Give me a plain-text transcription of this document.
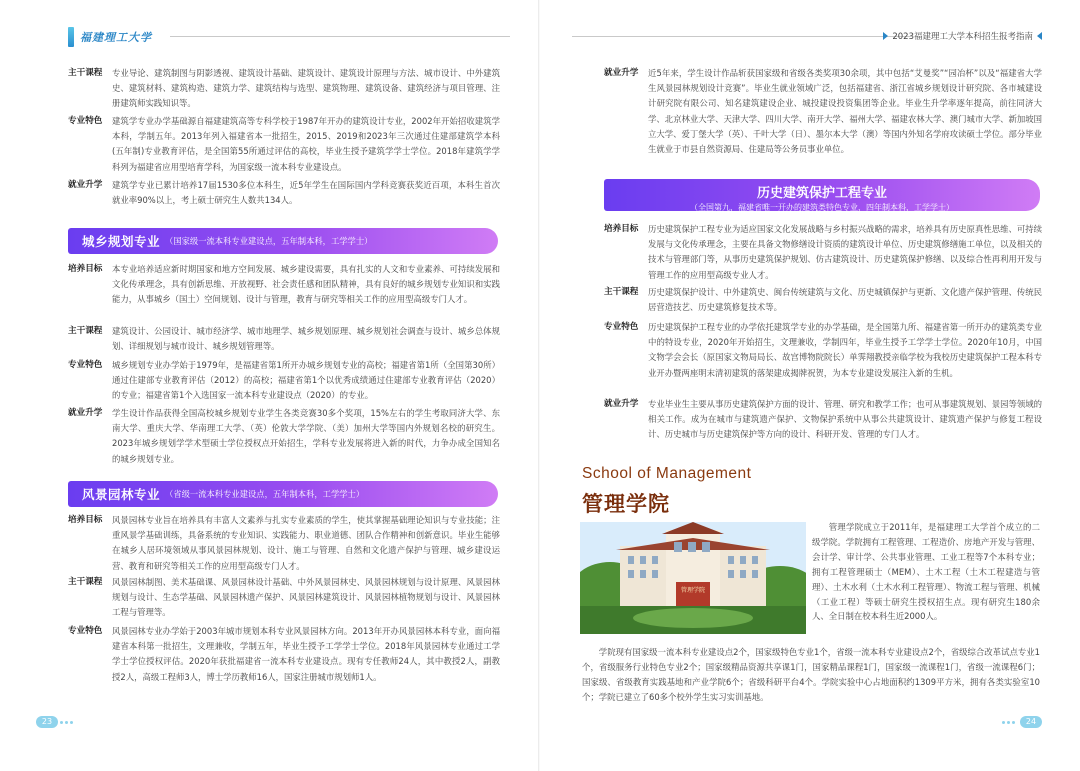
福建理工大学
主干课程	专业导论、建筑制图与阴影透视、建筑设计基础、建筑设计、建筑设计原理与方法、城市设计、中外建筑史、建筑材料、建筑构造、建筑力学、建筑结构与选型、建筑物理、建筑设备、建筑经济与项目管理、注册建筑师实践知识等。
专业特色	建筑学专业办学基础源自福建建筑高等专科学校于1987年开办的建筑设计专业，2002年开始招收建筑学本科，学制五年。2013年列入福建省本一批招生，2015、2019和2023年三次通过住建部建筑学本科(五年制)专业教育评估，是全国第55所通过评估的高校，毕业生授予建筑学学士学位。2018年建筑学学科列为福建省应用型培育学科，为国家级一流本科专业建设点。
就业升学	建筑学专业已累计培养17届1530多位本科生，近5年学生在国际国内学科竞赛获奖近百项，本科生首次就业率90%以上，考上硕士研究生人数共134人。
城乡规划专业 （国家级一流本科专业建设点，五年制本科，工学学士）
培养目标	本专业培养适应新时期国家和地方空间发展、城乡建设需要，具有扎实的人文和专业素养、可持续发展和文化传承理念，具有创新思维、开放视野、社会责任感和团队精神，具有良好的城乡规划专业知识和实践能力，从事城乡（国土）空间规划、设计与管理，教育与研究等相关工作的应用型高级专门人才。
主干课程	建筑设计、公园设计、城市经济学、城市地理学、城乡规划原理、城乡规划社会调查与设计、城乡总体规划、详细规划与城市设计、城乡规划管理等。
专业特色	城乡规划专业办学始于1979年，是福建省第1所开办城乡规划专业的高校；福建省第1所（全国第30所）通过住建部专业教育评估（2012）的高校；福建省第1个以优秀成绩通过住建部专业教育评估（2020）的专业；福建省第1个入选国家一流本科专业建设点（2020）的专业。
就业升学	学生设计作品获得全国高校城乡规划专业学生各类竞赛30多个奖项，15%左右的学生考取同济大学、东南大学、重庆大学、华南理工大学、（英）伦敦大学学院、（美）加州大学等国内外规划名校的研究生。2023年城乡规划学学术型硕士学位授权点开始招生，学科专业发展将进入新的时代，力争办成全国知名的城乡规划专业。
风景园林专业 （省级一流本科专业建设点，五年制本科，工学学士）
培养目标	风景园林专业旨在培养具有丰富人文素养与扎实专业素质的学生，使其掌握基础理论知识与专业技能；注重风景学基础训练，具备系统的专业知识、实践能力、职业道德、团队合作精神和创新意识。毕业生能够在城乡人居环境领域从事风景园林规划、设计、施工与管理、自然和文化遗产保护与管理、城乡建设运营、教育和研究等相关工作的应用型高级专门人才。
主干课程	风景园林制图、美术基础课、风景园林设计基础、中外风景园林史、风景园林规划与设计原理、风景园林规划与设计、生态学基础、风景园林遗产保护、风景园林建筑设计、风景园林植物规划与设计、风景园林工程与管理等。
专业特色	风景园林专业办学始于2003年城市规划本科专业风景园林方向。2013年开办风景园林本科专业，面向福建省本科第一批招生，文理兼收，学制五年，毕业生授予工学学士学位。2018年风景园林专业通过工学学士学位授权评估。2020年获批福建省一流本科专业建设点。现有专任教师24人，其中教授2人，副教授2人，高级工程师3人，博士学历教师16人，国家注册城市规划师1人。
23
2023福建理工大学本科招生报考指南
就业升学	近5年来，学生设计作品斩获国家级和省级各类奖项30余项，其中包括“艾曼奖”“园冶杯”以及“福建省大学生风景园林规划设计竞赛”。毕业生就业领域广泛，包括福建省、浙江省城乡规划设计研究院、各市城建设计研究院有限公司、知名建筑建设企业、城投建设投资集团等企业。毕业生升学率逐年提高，前往同济大学、北京林业大学、天津大学、四川大学、南开大学、福州大学、福建农林大学、澳门城市大学、新加坡国立大学、爱丁堡大学（英）、千叶大学（日）、墨尔本大学（澳）等国内外知名学府攻读硕士学位。部分毕业生就业于市县自然资源局、住建局等公务员事业单位。
历史建筑保护工程专业
（全国第九，福建省唯一开办的建筑类特色专业，四年制本科，工学学士）
培养目标	历史建筑保护工程专业为适应国家文化发展战略与乡村振兴战略的需求，培养具有历史原真性思维、可持续发展与文化传承理念，主要在具备文物修缮设计资质的建筑设计单位、历史建筑修缮施工单位，以及相关的技术与管理部门等，从事历史建筑保护规划、仿古建筑设计、历史建筑保护修缮、以及综合性再利用开发与管理工作的应用型高级专业人才。
主干课程	历史建筑保护设计、中外建筑史、闽台传统建筑与文化、历史城镇保护与更新、文化遗产保护管理、传统民居营造技艺、历史建筑修复技术等。
专业特色	历史建筑保护工程专业的办学依托建筑学专业的办学基础，是全国第九所、福建省第一所开办的建筑类专业中的特设专业，2020年开始招生，文理兼收，学制四年，毕业生授予工学学士学位。2020年10月，中国文物学会会长（原国家文物局局长、故宫博物院院长）单霁翔教授亲临学校为我校历史建筑保护工程本科专业开办暨两座明末清初建筑的落架建成揭牌祝贺，为本专业建设发展注入新的生机。
就业升学	专业毕业生主要从事历史建筑保护方面的设计、管理、研究和教学工作；也可从事建筑规划、景园等领域的相关工作。成为在城市与建筑遗产保护、文物保护系统中从事公共建筑设计、建筑遗产保护与修复工程设计、历史城市与历史建筑保护等方向的设计、科研开发、管理的专门人才。
School of Management
管理学院
管理学院
管理学院成立于2011年，是福建理工大学首个成立的二级学院。学院拥有工程管理、工程造价、房地产开发与管理、会计学、审计学、公共事业管理、工业工程等7个本科专业；拥有工程管理硕士（MEM）、土木工程（土木工程建造与管理）、土木水利（土木水利工程管理）、物流工程与管理、机械（工业工程）等硕士研究生授权招生点。现有研究生180余人、全日制在校本科生近2000人。
学院现有国家级一流本科专业建设点2个，国家级特色专业1个，省级一流本科专业建设点2个，省级综合改革试点专业1个，省级服务行业特色专业2个；国家级精品资源共享课1门，国家精品课程1门，国家级一流课程1门，省级一流课程6门；国家级、省级教育实践基地和产业学院6个；省级科研平台4个。学院实验中心占地面积约1309平方米，拥有各类实验室10个；学院已建立了60多个校外学生实习实训基地。
24
